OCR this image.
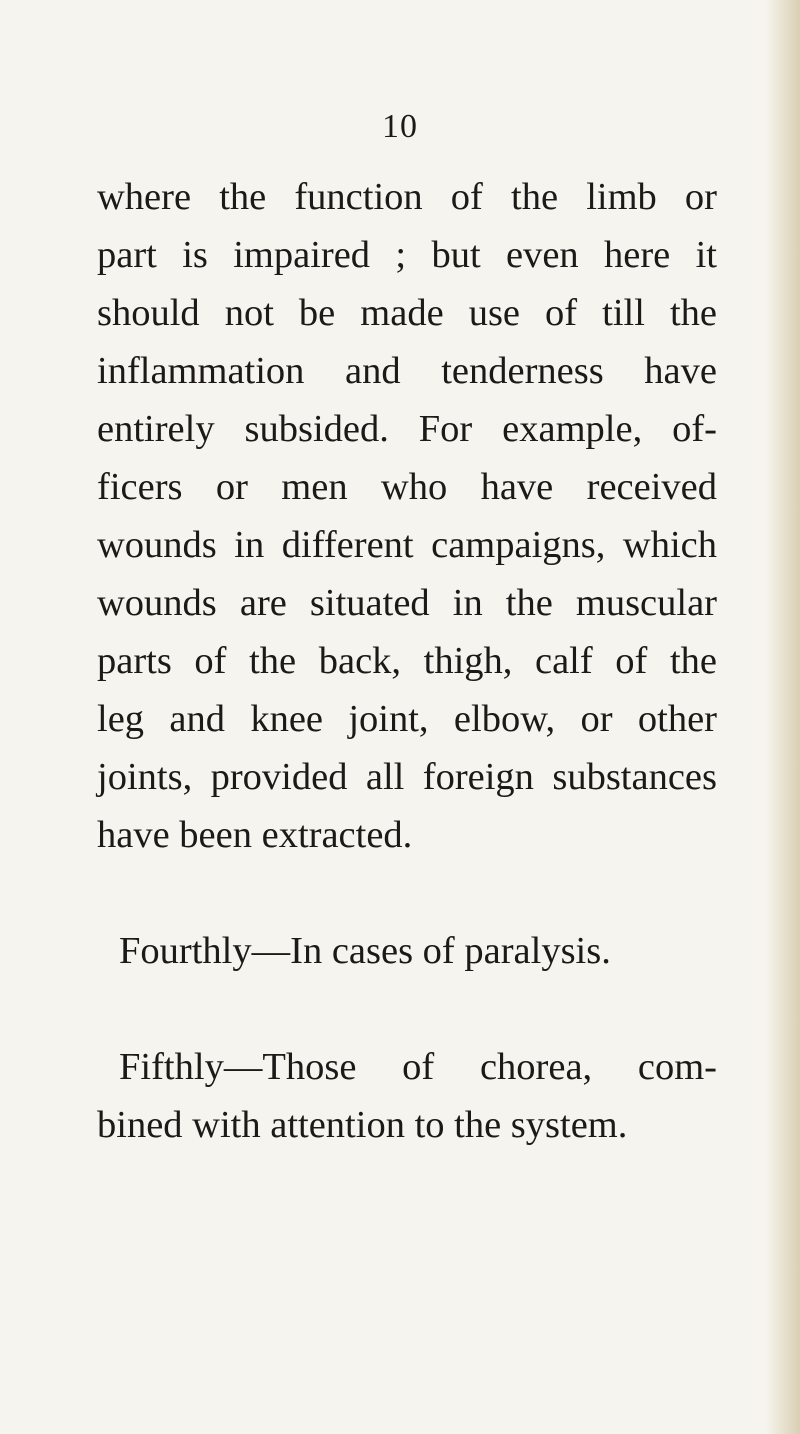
10
where the function of the limb or
part is impaired ; but even here it
should not be made use of till the
inflammation and tenderness have
entirely subsided. For example, of-
ficers or men who have received
wounds in different campaigns, which
wounds are situated in the muscular
parts of the back, thigh, calf of the
leg and knee joint, elbow, or other
joints, provided all foreign substances
have been extracted.
Fourthly—In cases of paralysis.
Fifthly—Those of chorea, com-
bined with attention to the system.
